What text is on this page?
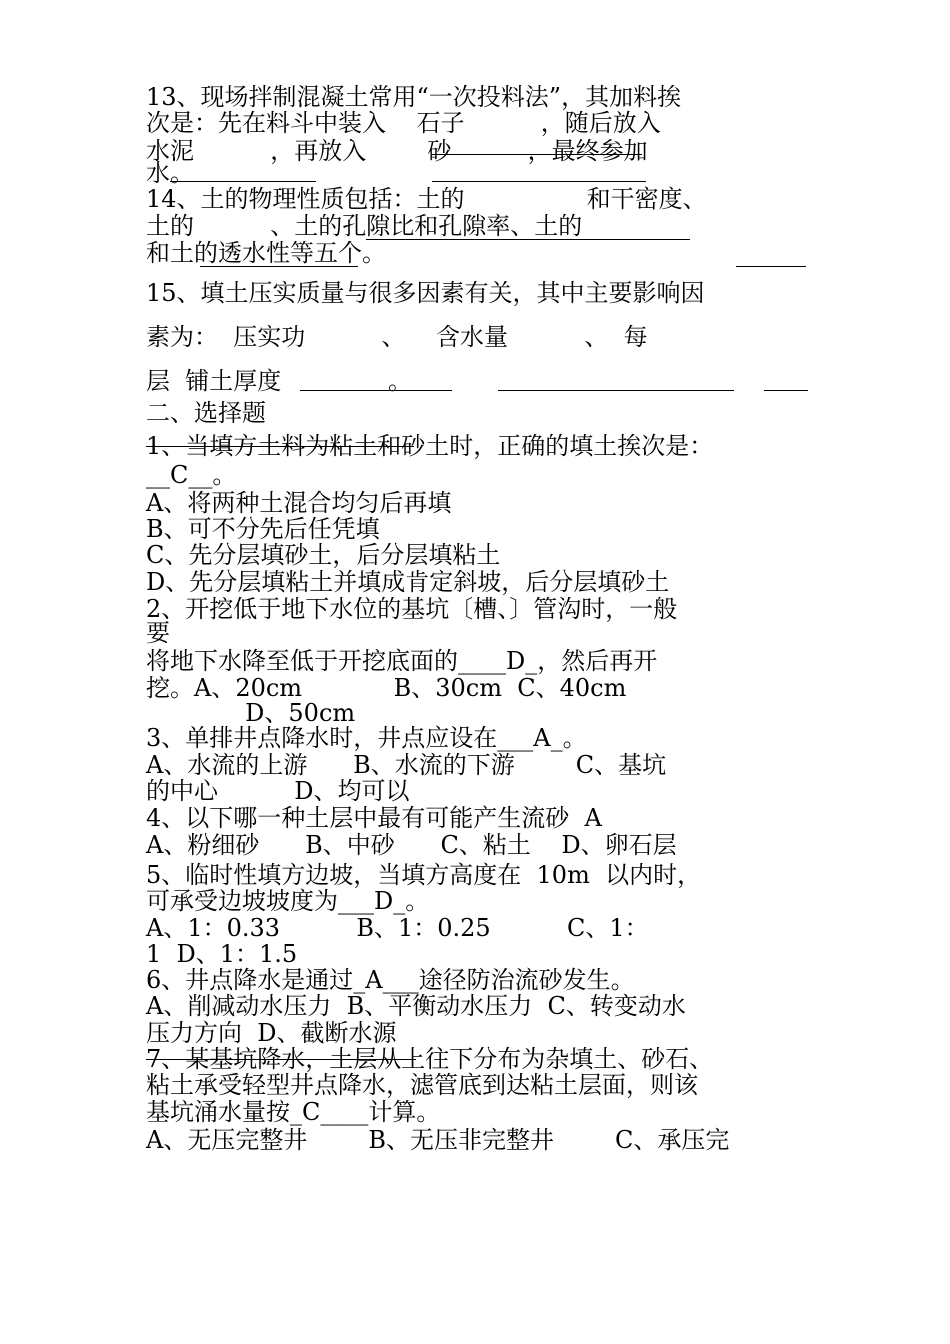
13、现场拌制混凝土常用“一次投料法”，其加料挨
次是：先在料斗中装入    石子          ，随后放入
水泥          ，再放入        砂          ，最终参加
水。
14、土的物理性质包括：土的                和干密度、
土的          、土的孔隙比和孔隙率、土的
和土的透水性等五个。
15、填土压实质量与很多因素有关，其中主要影响因
素为：  压实功          、    含水量          、  每
层  铺土厚度              。
二、选择题
1、当填方土料为粘土和砂土时，正确的填土挨次是：
__C__。
A、将两种土混合均匀后再填
B、可不分先后任凭填
C、先分层填砂土，后分层填粘土
D、先分层填粘土并填成肯定斜坡，后分层填砂土
2、开挖低于地下水位的基坑〔槽、〕管沟时，一般
要
将地下水降至低于开挖底面的____D_，然后再开
挖。A、20cm            B、30cm  C、40cm
D、50cm
3、单排井点降水时，井点应设在___A_。
A、水流的上游      B、水流的下游        C、基坑
的中心          D、均可以
4、以下哪一种土层中最有可能产生流砂  A
A、粉细砂      B、中砂      C、粘土    D、卵石层
5、临时性填方边坡，当填方高度在  10m  以内时，
可承受边坡坡度为___D_。
A、1：0.33          B、1：0.25          C、1：
1  D、1：1.5
6、井点降水是通过_A___途径防治流砂发生。
A、削减动水压力  B、平衡动水压力  C、转变动水
压力方向  D、截断水源
7、某基坑降水，土层从上往下分布为杂填土、砂石、
粘土承受轻型井点降水，滤管底到达粘土层面，则该
基坑涌水量按_C____计算。
A、无压完整井        B、无压非完整井        C、承压完
